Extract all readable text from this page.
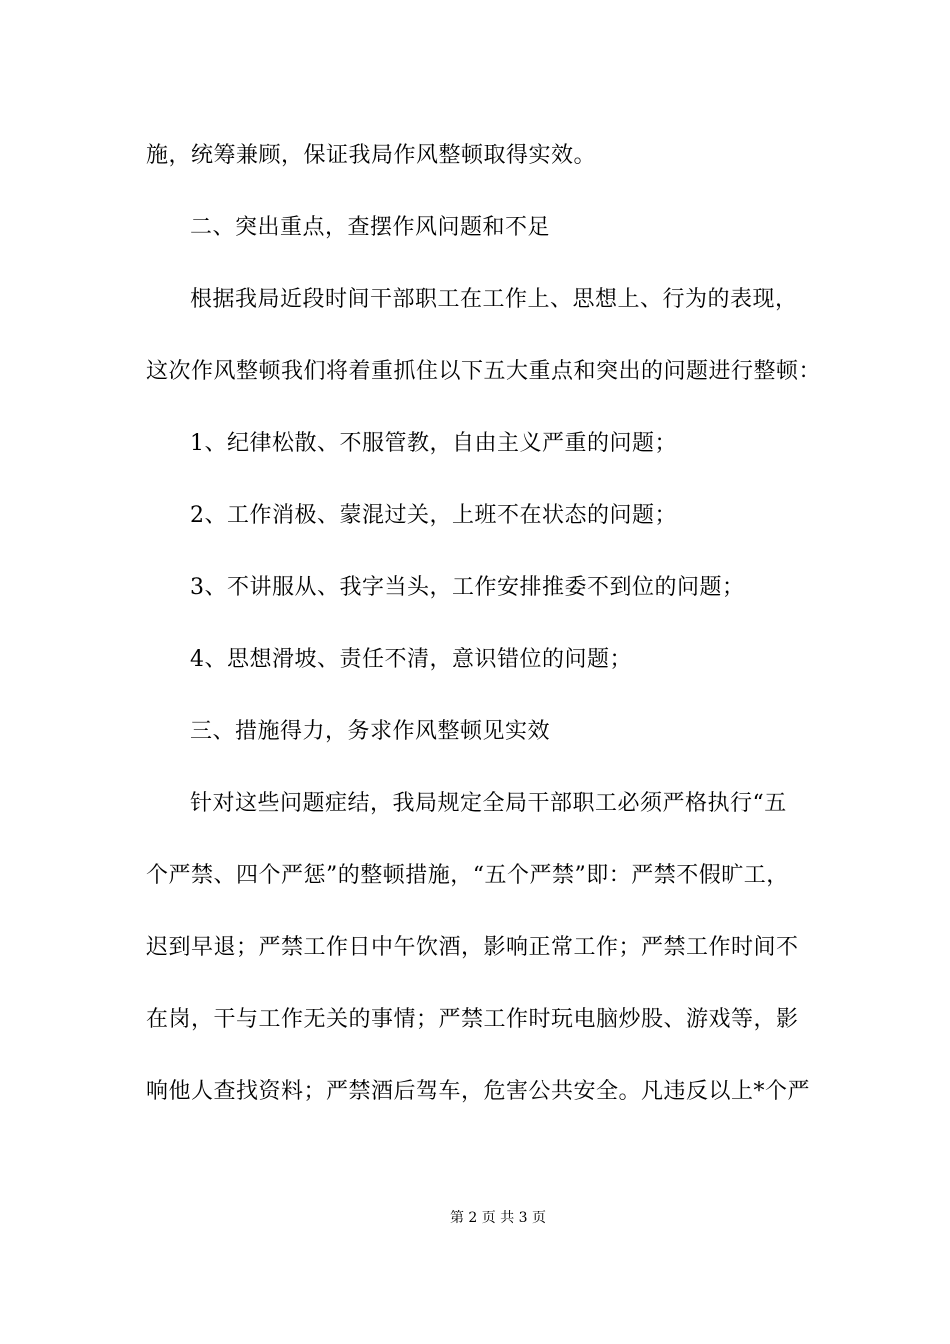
施，统筹兼顾，保证我局作风整顿取得实效。
二、突出重点，查摆作风问题和不足
根据我局近段时间干部职工在工作上、思想上、行为的表现，
这次作风整顿我们将着重抓住以下五大重点和突出的问题进行整顿：
1、纪律松散、不服管教，自由主义严重的问题；
2、工作消极、蒙混过关，上班不在状态的问题；
3、不讲服从、我字当头，工作安排推委不到位的问题；
4、思想滑坡、责任不清，意识错位的问题；
三、措施得力，务求作风整顿见实效
针对这些问题症结，我局规定全局干部职工必须严格执行“五
个严禁、四个严惩”的整顿措施，“五个严禁”即：严禁不假旷工，
迟到早退；严禁工作日中午饮酒，影响正常工作；严禁工作时间不
在岗，干与工作无关的事情；严禁工作时玩电脑炒股、游戏等，影
响他人查找资料；严禁酒后驾车，危害公共安全。凡违反以上*个严
第 2 页 共 3 页
